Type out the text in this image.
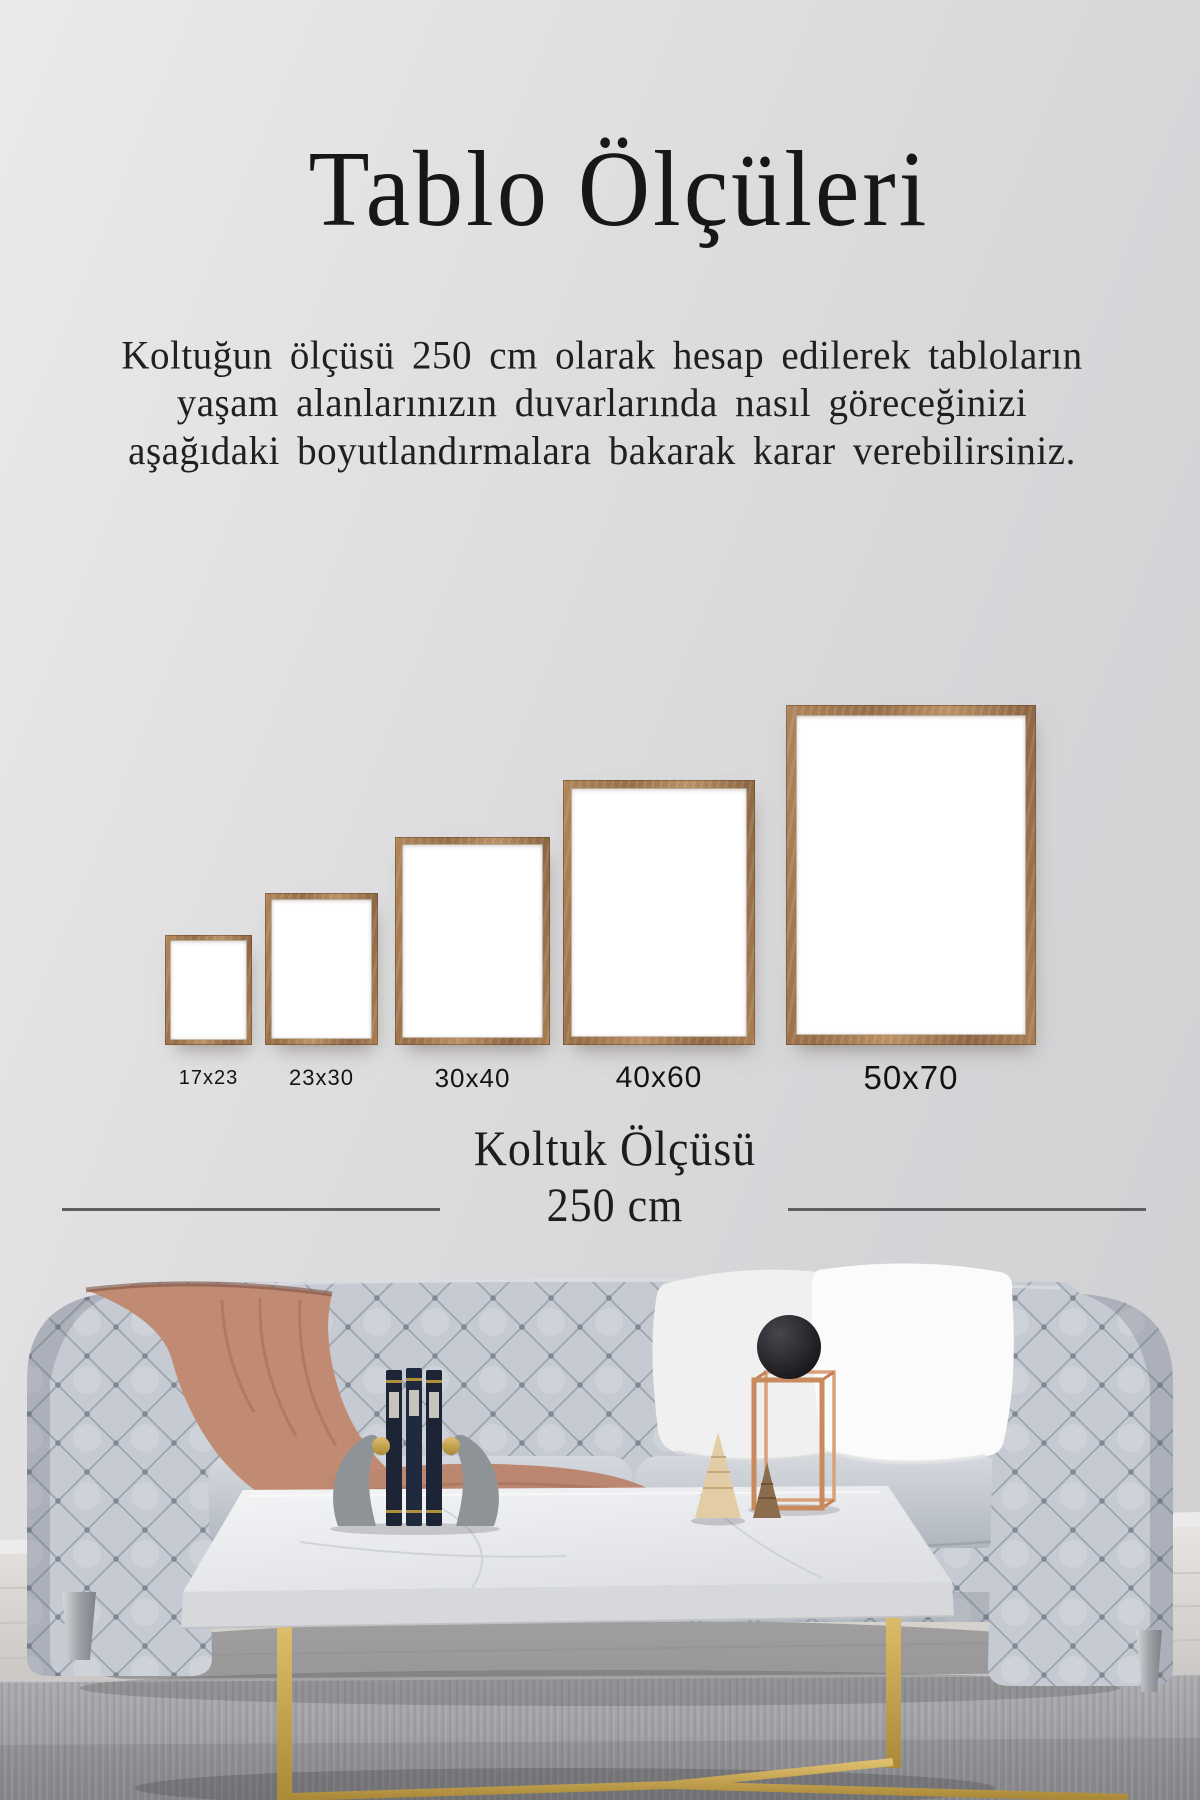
Tablo Ölçüleri
Koltuğun ölçüsü 250 cm olarak hesap edilerek tabloların
yaşam alanlarınızın duvarlarında nasıl göreceğinizi
aşağıdaki boyutlandırmalara bakarak karar verebilirsiniz.
17x23	23x30	30x40	40x60	50x70
Koltuk Ölçüsü
250 cm
